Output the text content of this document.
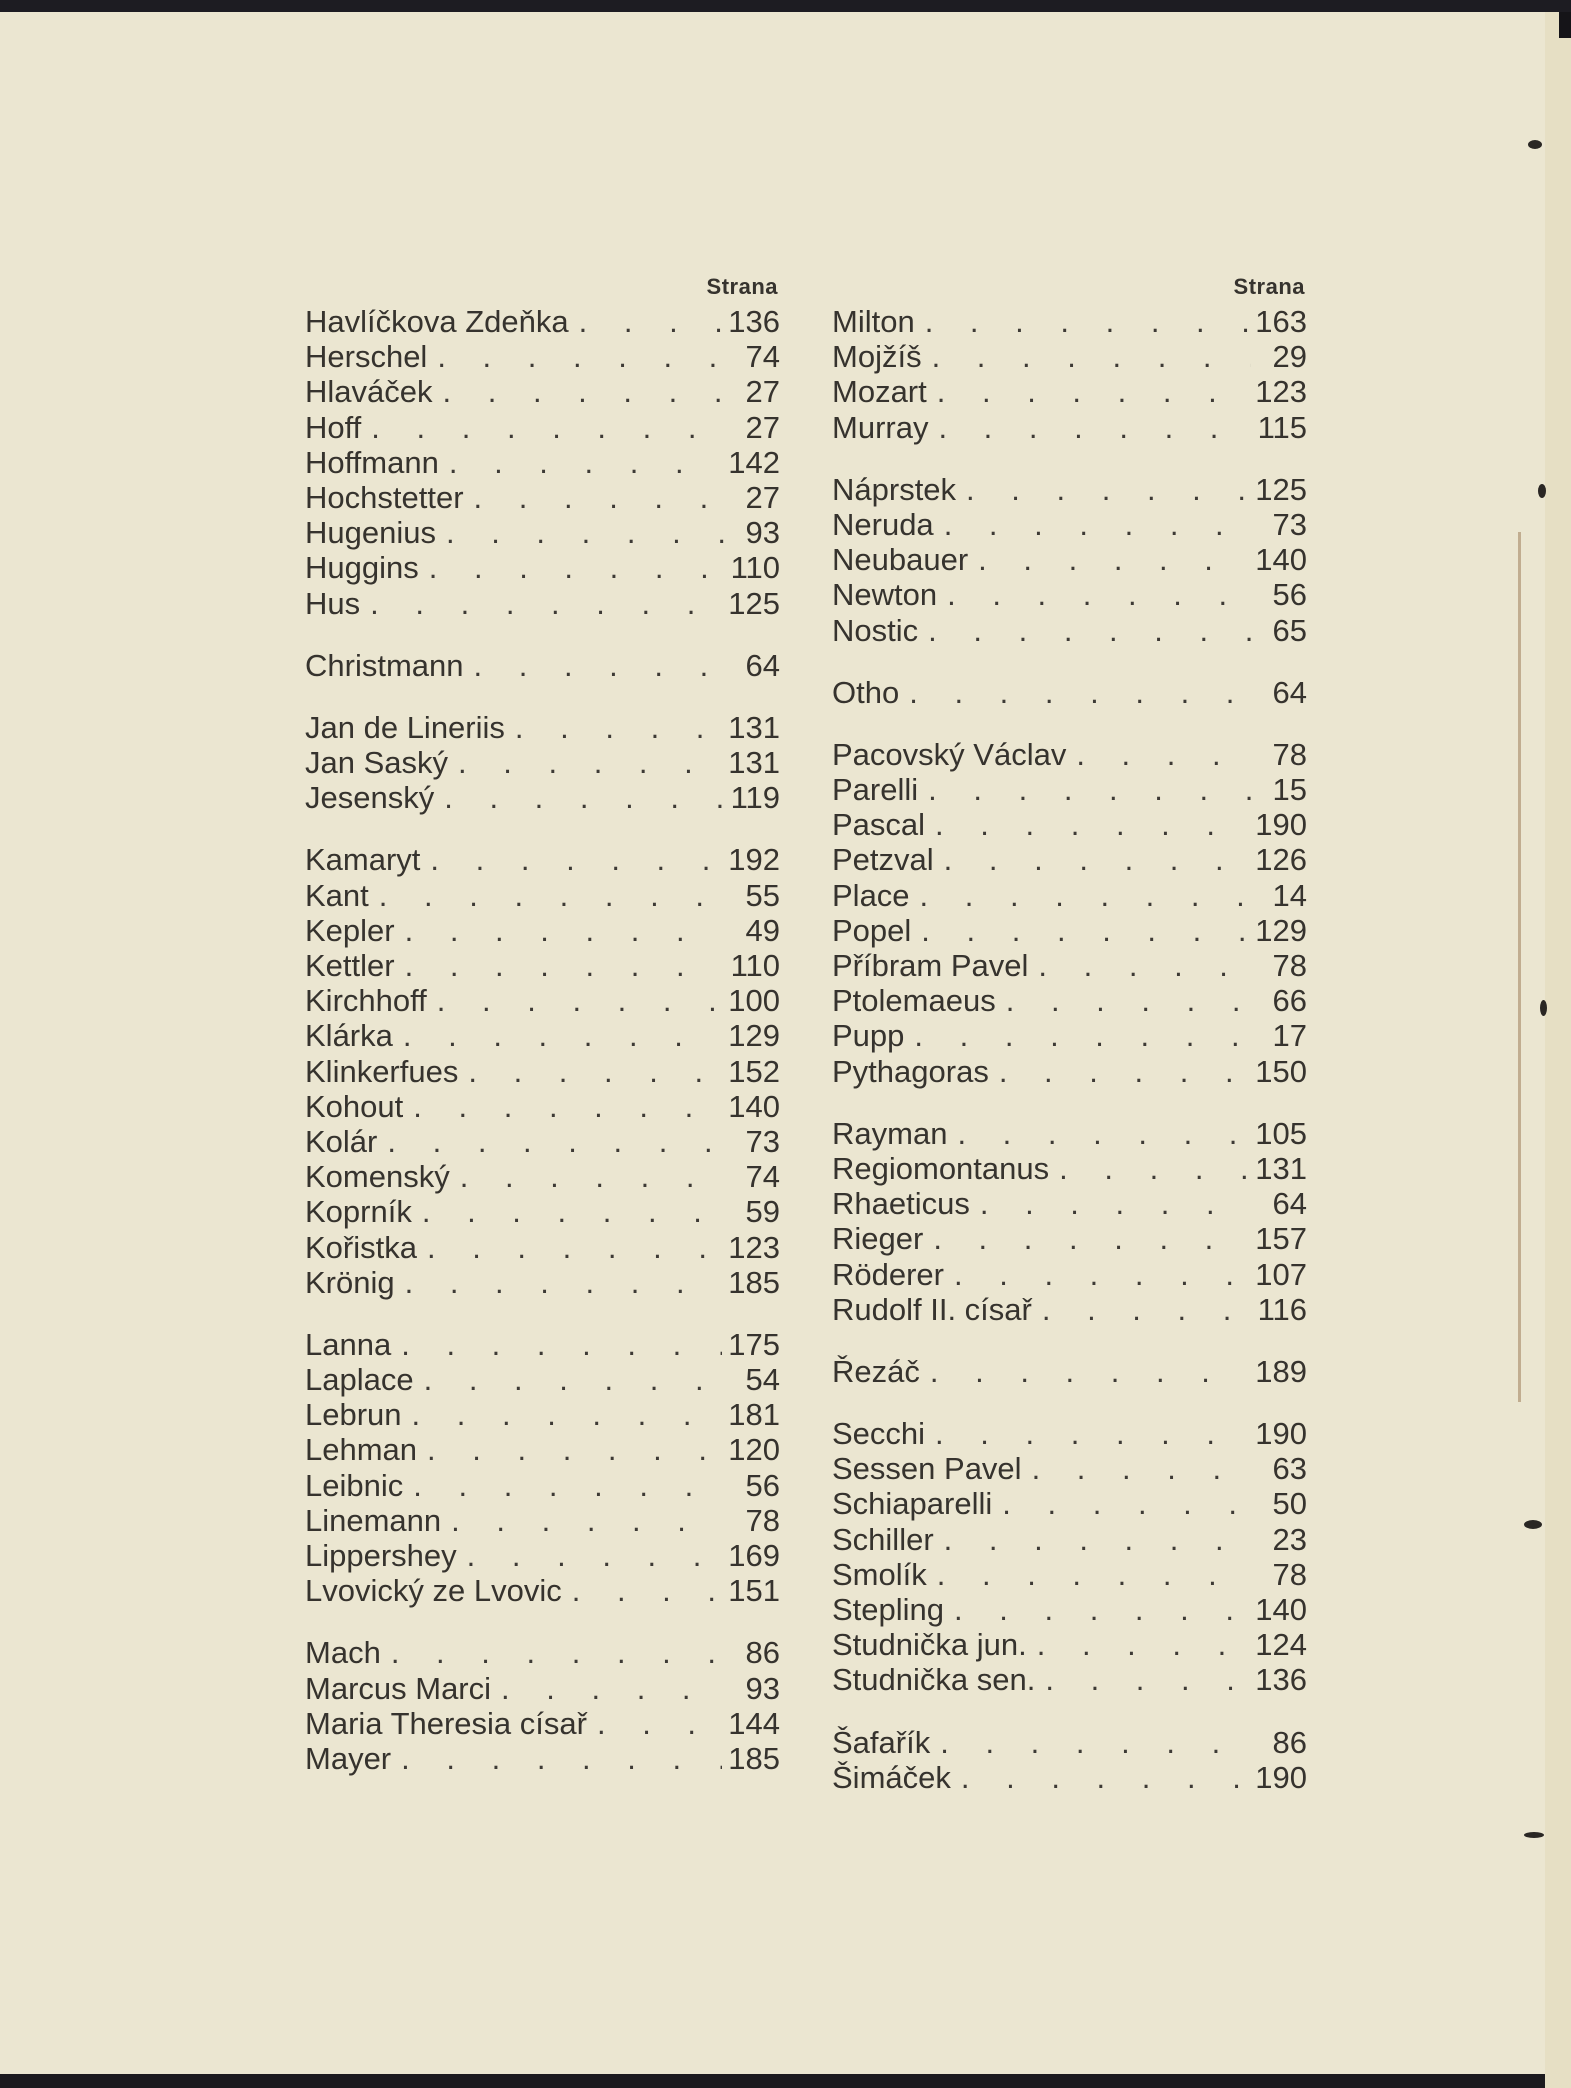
Strana
Havlíčkova Zdeňka . . .	136
Herschel . . .	74
Hlaváček . . .	27
Hoff . . .	27
Hoffmann . . .	142
Hochstetter . . .	27
Hugenius . . .	93
Huggins . . .	110
Hus . . .	125
Christmann . . .	64
Jan de Lineriis . . .	131
Jan Saský . . .	131
Jesenský . . .	119
Kamaryt . . .	192
Kant . . .	55
Kepler . . .	49
Kettler . . .	110
Kirchhoff . . .	100
Klárka . . .	129
Klinkerfues . . .	152
Kohout . . .	140
Kolár . . .	73
Komenský . . .	74
Koprník . . .	59
Kořistka . . .	123
Krönig . . .	185
Lanna . . .	175
Laplace . . .	54
Lebrun . . .	181
Lehman . . .	120
Leibnic . . .	56
Linemann . . .	78
Lippershey . . .	169
Lvovický ze Lvovic . . .	151
Mach . . .	86
Marcus Marci . . .	93
Maria Theresia císař . . .	144
Mayer . . .	185
Strana
Milton . . .	163
Mojžíš . . .	29
Mozart . . .	123
Murray . . .	115
Náprstek . . .	125
Neruda . . .	73
Neubauer . . .	140
Newton . . .	56
Nostic . . .	65
Otho . . .	64
Pacovský Václav . . .	78
Parelli . . .	15
Pascal . . .	190
Petzval . . .	126
Place . . .	14
Popel . . .	129
Příbram Pavel . . .	78
Ptolemaeus . . .	66
Pupp . . .	17
Pythagoras . . .	150
Rayman . . .	105
Regiomontanus . . .	131
Rhaeticus . . .	64
Rieger . . .	157
Röderer . . .	107
Rudolf II. císař . . .	116
Řezáč . . .	189
Secchi . . .	190
Sessen Pavel . . .	63
Schiaparelli . . .	50
Schiller . . .	23
Smolík . . .	78
Stepling . . .	140
Studnička jun. . . .	124
Studnička sen. . . .	136
Šafařík . . .	86
Šimáček . . .	190
